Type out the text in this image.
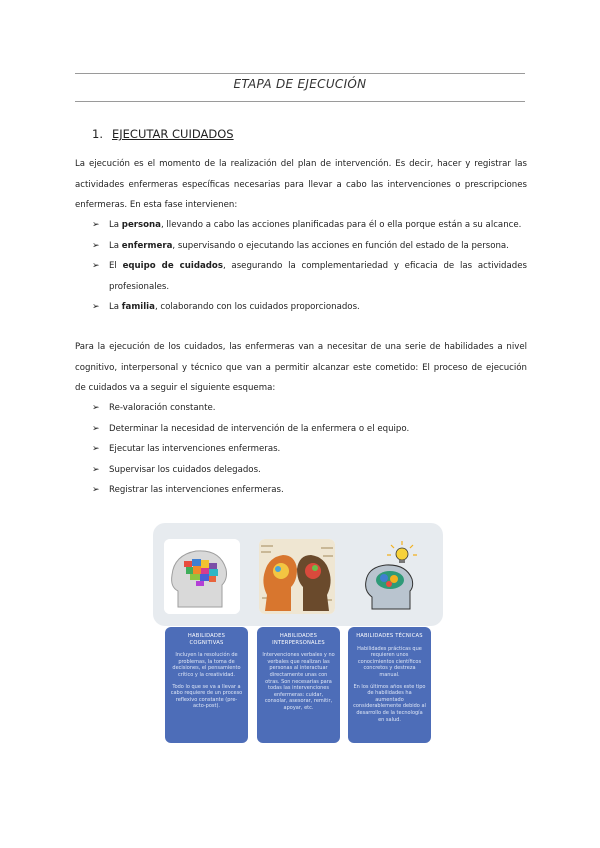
ETAPA DE EJECUCIÓN
1. EJECUTAR CUIDADOS
La ejecución es el momento de la realización del plan de intervención. Es decir, hacer y registrar las
actividades enfermeras específicas necesarias para llevar a cabo las intervenciones o prescripciones
enfermeras. En esta fase intervienen:
➢ La persona, llevando a cabo las acciones planificadas para él o ella porque están a su alcance.
➢ La enfermera, supervisando o ejecutando las acciones en función del estado de la persona.
➢ El equipo de cuidados, asegurando la complementariedad y eficacia de las actividades
profesionales.
➢ La familia, colaborando con los cuidados proporcionados.
Para la ejecución de los cuidados, las enfermeras van a necesitar de una serie de habilidades a nivel
cognitivo, interpersonal y técnico que van a permitir alcanzar este cometido: El proceso de ejecución
de cuidados va a seguir el siguiente esquema:
➢ Re-valoración constante.
➢ Determinar la necesidad de intervención de la enfermera o el equipo.
➢ Ejecutar las intervenciones enfermeras.
➢ Supervisar los cuidados delegados.
➢ Registrar las intervenciones enfermeras.
HABILIDADES
COGNITIVAS
Incluyen la resolución de problemas, la toma de decisiones, el pensamiento crítico y la creatividad.
Todo lo que se va a llevar a cabo requiere de un proceso reflexivo constante (pre-acto-post).
HABILIDADES
INTERPERSONALES
Intervenciones verbales y no verbales que realizan las personas al interactuar directamente unas con otras. Son necesarias para todas las intervenciones enfermeras: cuidar, consolar, asesorar, remitir, apoyar, etc.
HABILIDADES TÉCNICAS
Habilidades prácticas que requieren unos conocimientos científicos concretos y destreza manual.
En los últimos años este tipo de habilidades ha aumentado considerablemente debido al desarrollo de la tecnología en salud.
